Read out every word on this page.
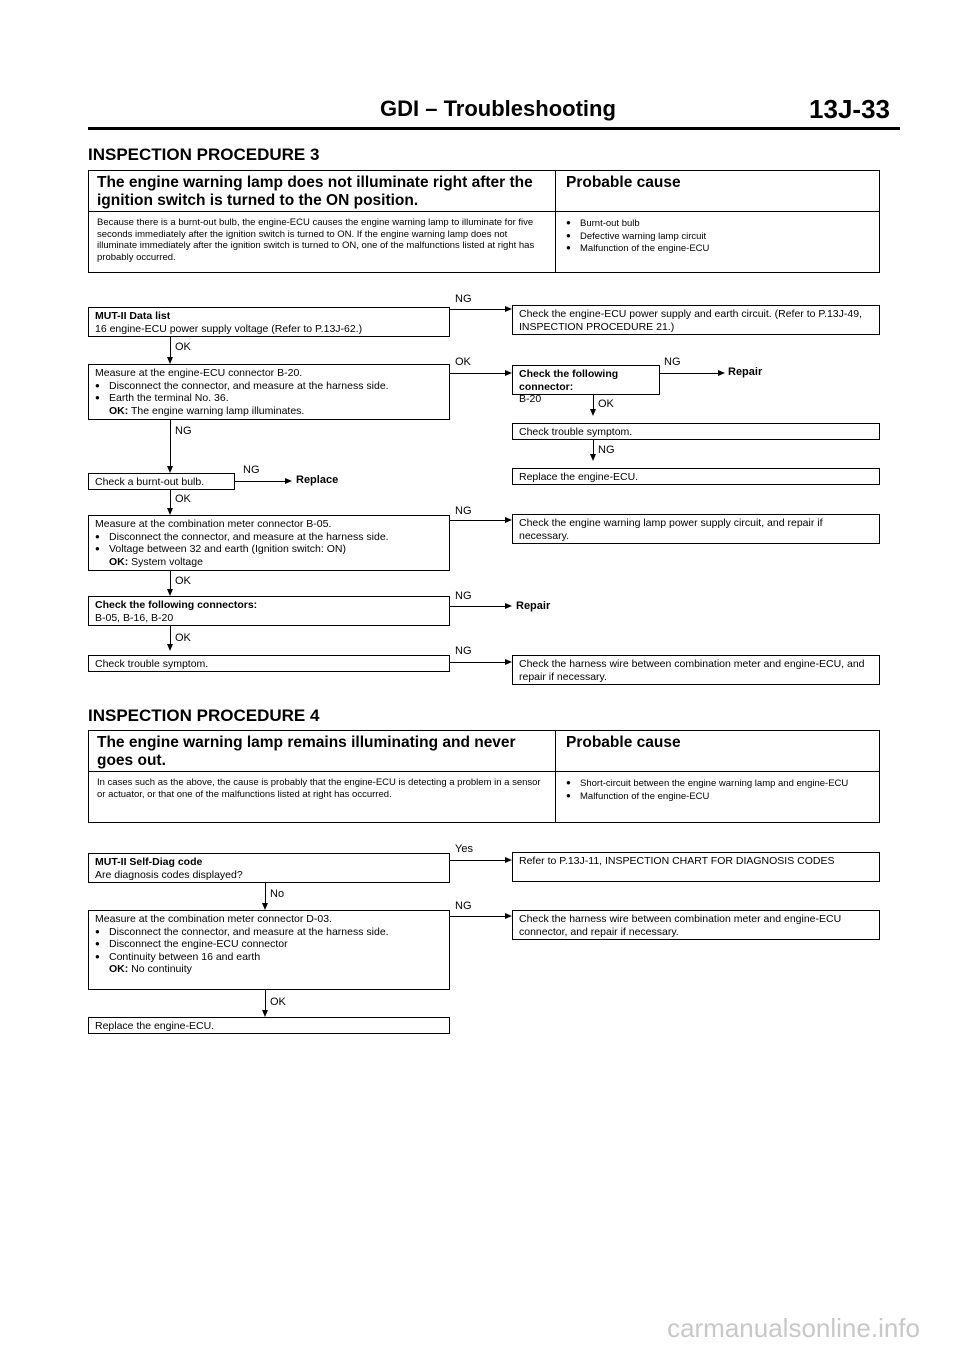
GDI – Troubleshooting	13J-33
INSPECTION PROCEDURE 3
The engine warning lamp does not illuminate right after the ignition switch is turned to the ON position.
Probable cause
Because there is a burnt-out bulb, the engine-ECU causes the engine warning lamp to illuminate for five seconds immediately after the ignition switch is turned to ON. If the engine warning lamp does not illuminate immediately after the ignition switch is turned to ON, one of the malfunctions listed at right has probably occurred.
● Burnt-out bulb
● Defective warning lamp circuit
● Malfunction of the engine-ECU
MUT-II Data list
16 engine-ECU power supply voltage (Refer to P.13J-62.)
NG
Check the engine-ECU power supply and earth circuit. (Refer to P.13J-49, INSPECTION PROCEDURE 21.)
OK
Measure at the engine-ECU connector B-20.
● Disconnect the connector, and measure at the harness side.
● Earth the terminal No. 36.
OK: The engine warning lamp illuminates.
OK
Check the following connector:
B-20
NG
Repair
OK
Check trouble symptom.
NG
Replace the engine-ECU.
NG
Check a burnt-out bulb.
NG
Replace
OK
Measure at the combination meter connector B-05.
● Disconnect the connector, and measure at the harness side.
● Voltage between 32 and earth (Ignition switch: ON)
OK: System voltage
NG
Check the engine warning lamp power supply circuit, and repair if necessary.
OK
Check the following connectors:
B-05, B-16, B-20
NG
Repair
OK
Check trouble symptom.
NG
Check the harness wire between combination meter and engine-ECU, and repair if necessary.
INSPECTION PROCEDURE 4
The engine warning lamp remains illuminating and never goes out.
Probable cause
In cases such as the above, the cause is probably that the engine-ECU is detecting a problem in a sensor or actuator, or that one of the malfunctions listed at right has occurred.
● Short-circuit between the engine warning lamp and engine-ECU
● Malfunction of the engine-ECU
MUT-II Self-Diag code
Are diagnosis codes displayed?
Yes
Refer to P.13J-11, INSPECTION CHART FOR DIAGNOSIS CODES
No
Measure at the combination meter connector D-03.
● Disconnect the connector, and measure at the harness side.
● Disconnect the engine-ECU connector
● Continuity between 16 and earth
OK: No continuity
NG
Check the harness wire between combination meter and engine-ECU connector, and repair if necessary.
OK
Replace the engine-ECU.
carmanualsonline.info
